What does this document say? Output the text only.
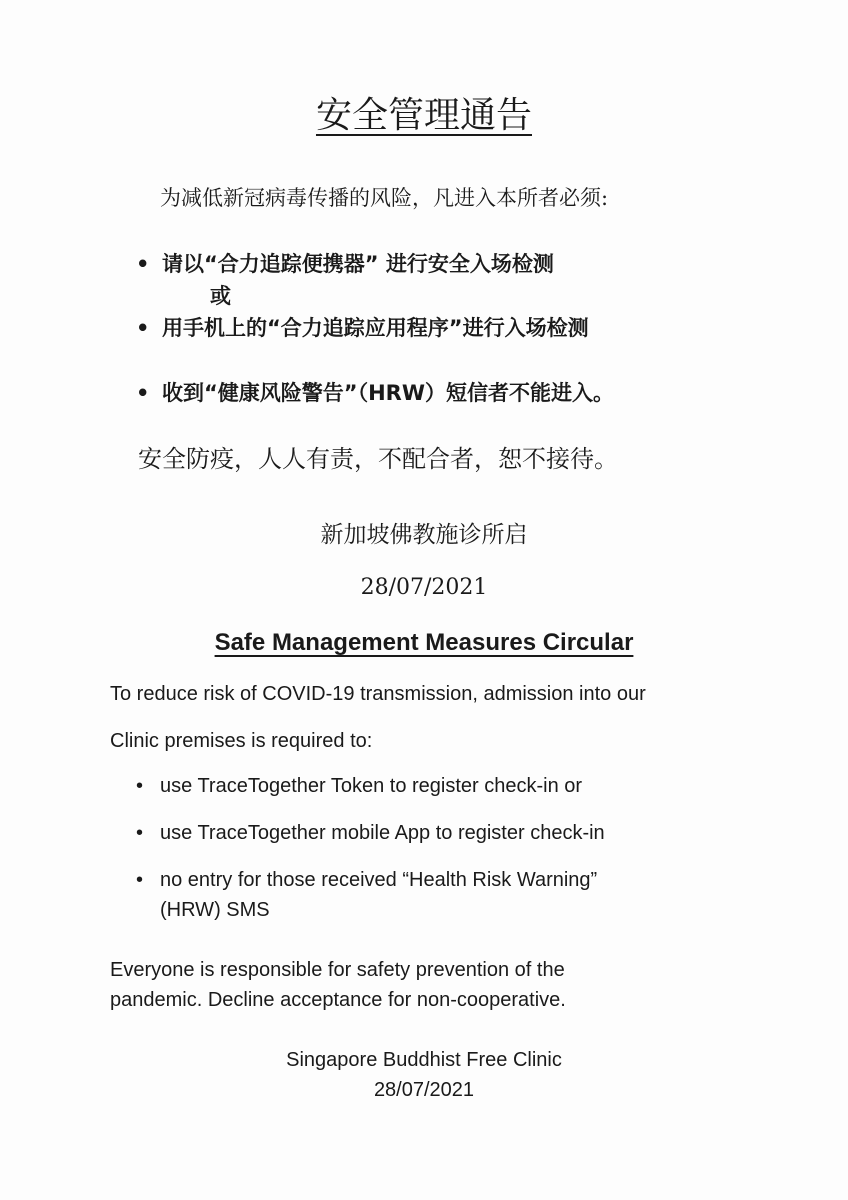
安全管理通告
为减低新冠病毒传播的风险，凡进入本所者必须:
• 请以“合力追踪便携器” 进行安全入场检测
或
• 用手机上的“合力追踪应用程序”进行入场检测
• 收到“健康风险警告”（HRW）短信者不能进入。
安全防疫，人人有责，不配合者，恕不接待。
新加坡佛教施诊所启
28/07/2021
Safe Management Measures Circular
To reduce risk of COVID-19 transmission, admission into our
Clinic premises is required to:
• use TraceTogether Token to register check-in or
• use TraceTogether mobile App to register check-in
• no entry for those received “Health Risk Warning”
(HRW) SMS
Everyone is responsible for safety prevention of the
pandemic. Decline acceptance for non-cooperative.
Singapore Buddhist Free Clinic
28/07/2021
